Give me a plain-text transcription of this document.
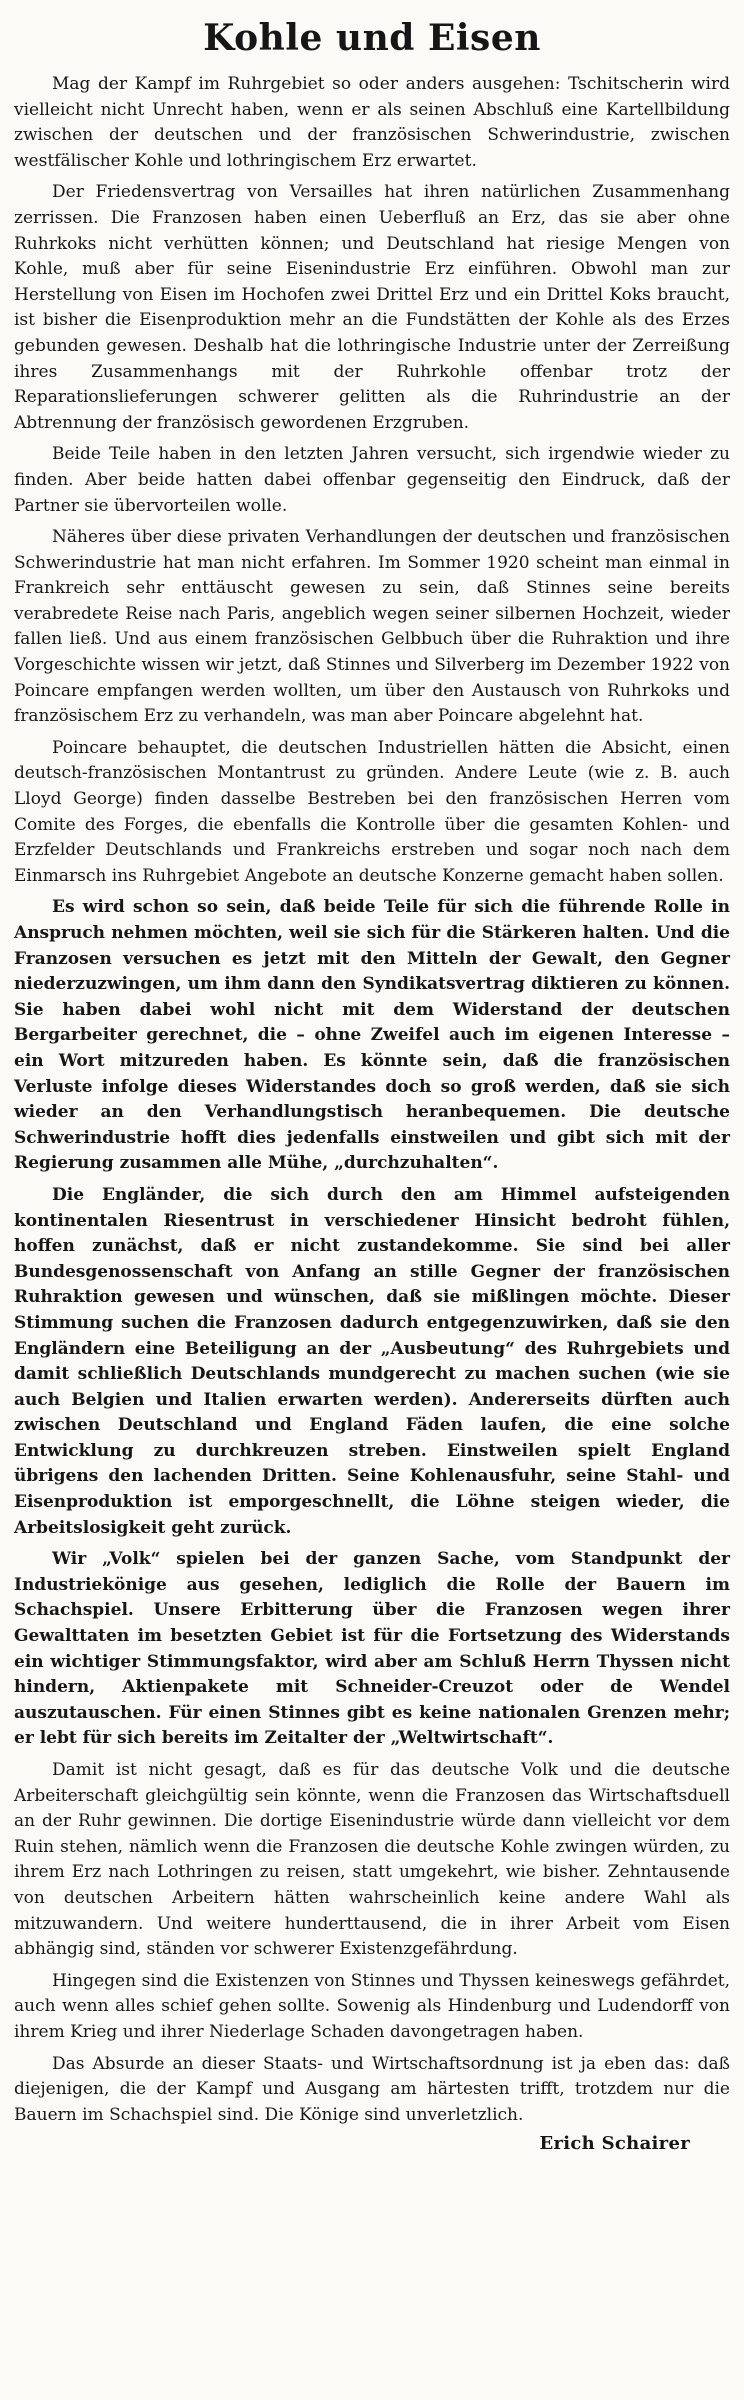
Kohle und Eisen

Mag der Kampf im Ruhrgebiet so oder anders ausgehen: Tschitscherin wird vielleicht nicht Unrecht haben, wenn er als seinen Abschluß eine Kartellbildung zwischen der deutschen und der französischen Schwerindustrie, zwischen westfälischer Kohle und lothringischem Erz erwartet.

Der Friedensvertrag von Versailles hat ihren natürlichen Zusammenhang zerrissen. Die Franzosen haben einen Ueberfluß an Erz, das sie aber ohne Ruhrkoks nicht verhütten können; und Deutschland hat riesige Mengen von Kohle, muß aber für seine Eisenindustrie Erz einführen. Obwohl man zur Herstellung von Eisen im Hochofen zwei Drittel Erz und ein Drittel Koks braucht, ist bisher die Eisenproduktion mehr an die Fundstätten der Kohle als des Erzes gebunden gewesen. Deshalb hat die lothringische Industrie unter der Zerreißung ihres Zusammenhangs mit der Ruhrkohle offenbar trotz der Reparationslieferungen schwerer gelitten als die Ruhrindustrie an der Abtrennung der französisch gewordenen Erzgruben.

Beide Teile haben in den letzten Jahren versucht, sich irgendwie wieder zu finden. Aber beide hatten dabei offenbar gegenseitig den Eindruck, daß der Partner sie übervorteilen wolle.

Näheres über diese privaten Verhandlungen der deutschen und französischen Schwerindustrie hat man nicht erfahren. Im Sommer 1920 scheint man einmal in Frankreich sehr enttäuscht gewesen zu sein, daß Stinnes seine bereits verabredete Reise nach Paris, angeblich wegen seiner silbernen Hochzeit, wieder fallen ließ. Und aus einem französischen Gelbbuch über die Ruhraktion und ihre Vorgeschichte wissen wir jetzt, daß Stinnes und Silverberg im Dezember 1922 von Poincare empfangen werden wollten, um über den Austausch von Ruhrkoks und französischem Erz zu verhandeln, was man aber Poincare abgelehnt hat.

Poincare behauptet, die deutschen Industriellen hätten die Absicht, einen deutsch-französischen Montantrust zu gründen. Andere Leute (wie z. B. auch Lloyd George) finden dasselbe Bestreben bei den französischen Herren vom Comite des Forges, die ebenfalls die Kontrolle über die gesamten Kohlen- und Erzfelder Deutschlands und Frankreichs erstreben und sogar noch nach dem Einmarsch ins Ruhrgebiet Angebote an deutsche Konzerne gemacht haben sollen.

Es wird schon so sein, daß beide Teile für sich die führende Rolle in Anspruch nehmen möchten, weil sie sich für die Stärkeren halten. Und die Franzosen versuchen es jetzt mit den Mitteln der Gewalt, den Gegner niederzuzwingen, um ihm dann den Syndikatsvertrag diktieren zu können. Sie haben dabei wohl nicht mit dem Widerstand der deutschen Bergarbeiter gerechnet, die – ohne Zweifel auch im eigenen Interesse – ein Wort mitzureden haben. Es könnte sein, daß die französischen Verluste infolge dieses Widerstandes doch so groß werden, daß sie sich wieder an den Verhandlungstisch heranbequemen. Die deutsche Schwerindustrie hofft dies jedenfalls einstweilen und gibt sich mit der Regierung zusammen alle Mühe, „durchzuhalten“.

Die Engländer, die sich durch den am Himmel aufsteigenden kontinentalen Riesentrust in verschiedener Hinsicht bedroht fühlen, hoffen zunächst, daß er nicht zustandekomme. Sie sind bei aller Bundesgenossenschaft von Anfang an stille Gegner der französischen Ruhraktion gewesen und wünschen, daß sie mißlingen möchte. Dieser Stimmung suchen die Franzosen dadurch entgegenzuwirken, daß sie den Engländern eine Beteiligung an der „Ausbeutung“ des Ruhrgebiets und damit schließlich Deutschlands mundgerecht zu machen suchen (wie sie auch Belgien und Italien erwarten werden). Andererseits dürften auch zwischen Deutschland und England Fäden laufen, die eine solche Entwicklung zu durchkreuzen streben. Einstweilen spielt England übrigens den lachenden Dritten. Seine Kohlenausfuhr, seine Stahl- und Eisenproduktion ist emporgeschnellt, die Löhne steigen wieder, die Arbeitslosigkeit geht zurück.

Wir „Volk“ spielen bei der ganzen Sache, vom Standpunkt der Industriekönige aus gesehen, lediglich die Rolle der Bauern im Schachspiel. Unsere Erbitterung über die Franzosen wegen ihrer Gewalttaten im besetzten Gebiet ist für die Fortsetzung des Widerstands ein wichtiger Stimmungsfaktor, wird aber am Schluß Herrn Thyssen nicht hindern, Aktienpakete mit Schneider-Creuzot oder de Wendel auszutauschen. Für einen Stinnes gibt es keine nationalen Grenzen mehr; er lebt für sich bereits im Zeitalter der „Weltwirtschaft“.

Damit ist nicht gesagt, daß es für das deutsche Volk und die deutsche Arbeiterschaft gleichgültig sein könnte, wenn die Franzosen das Wirtschaftsduell an der Ruhr gewinnen. Die dortige Eisenindustrie würde dann vielleicht vor dem Ruin stehen, nämlich wenn die Franzosen die deutsche Kohle zwingen würden, zu ihrem Erz nach Lothringen zu reisen, statt umgekehrt, wie bisher. Zehntausende von deutschen Arbeitern hätten wahrscheinlich keine andere Wahl als mitzuwandern. Und weitere hunderttausend, die in ihrer Arbeit vom Eisen abhängig sind, ständen vor schwerer Existenzgefährdung.

Hingegen sind die Existenzen von Stinnes und Thyssen keineswegs gefährdet, auch wenn alles schief gehen sollte. Sowenig als Hindenburg und Ludendorff von ihrem Krieg und ihrer Niederlage Schaden davongetragen haben.

Das Absurde an dieser Staats- und Wirtschaftsordnung ist ja eben das: daß diejenigen, die der Kampf und Ausgang am härtesten trifft, trotzdem nur die Bauern im Schachspiel sind. Die Könige sind unverletzlich.

Erich Schairer
